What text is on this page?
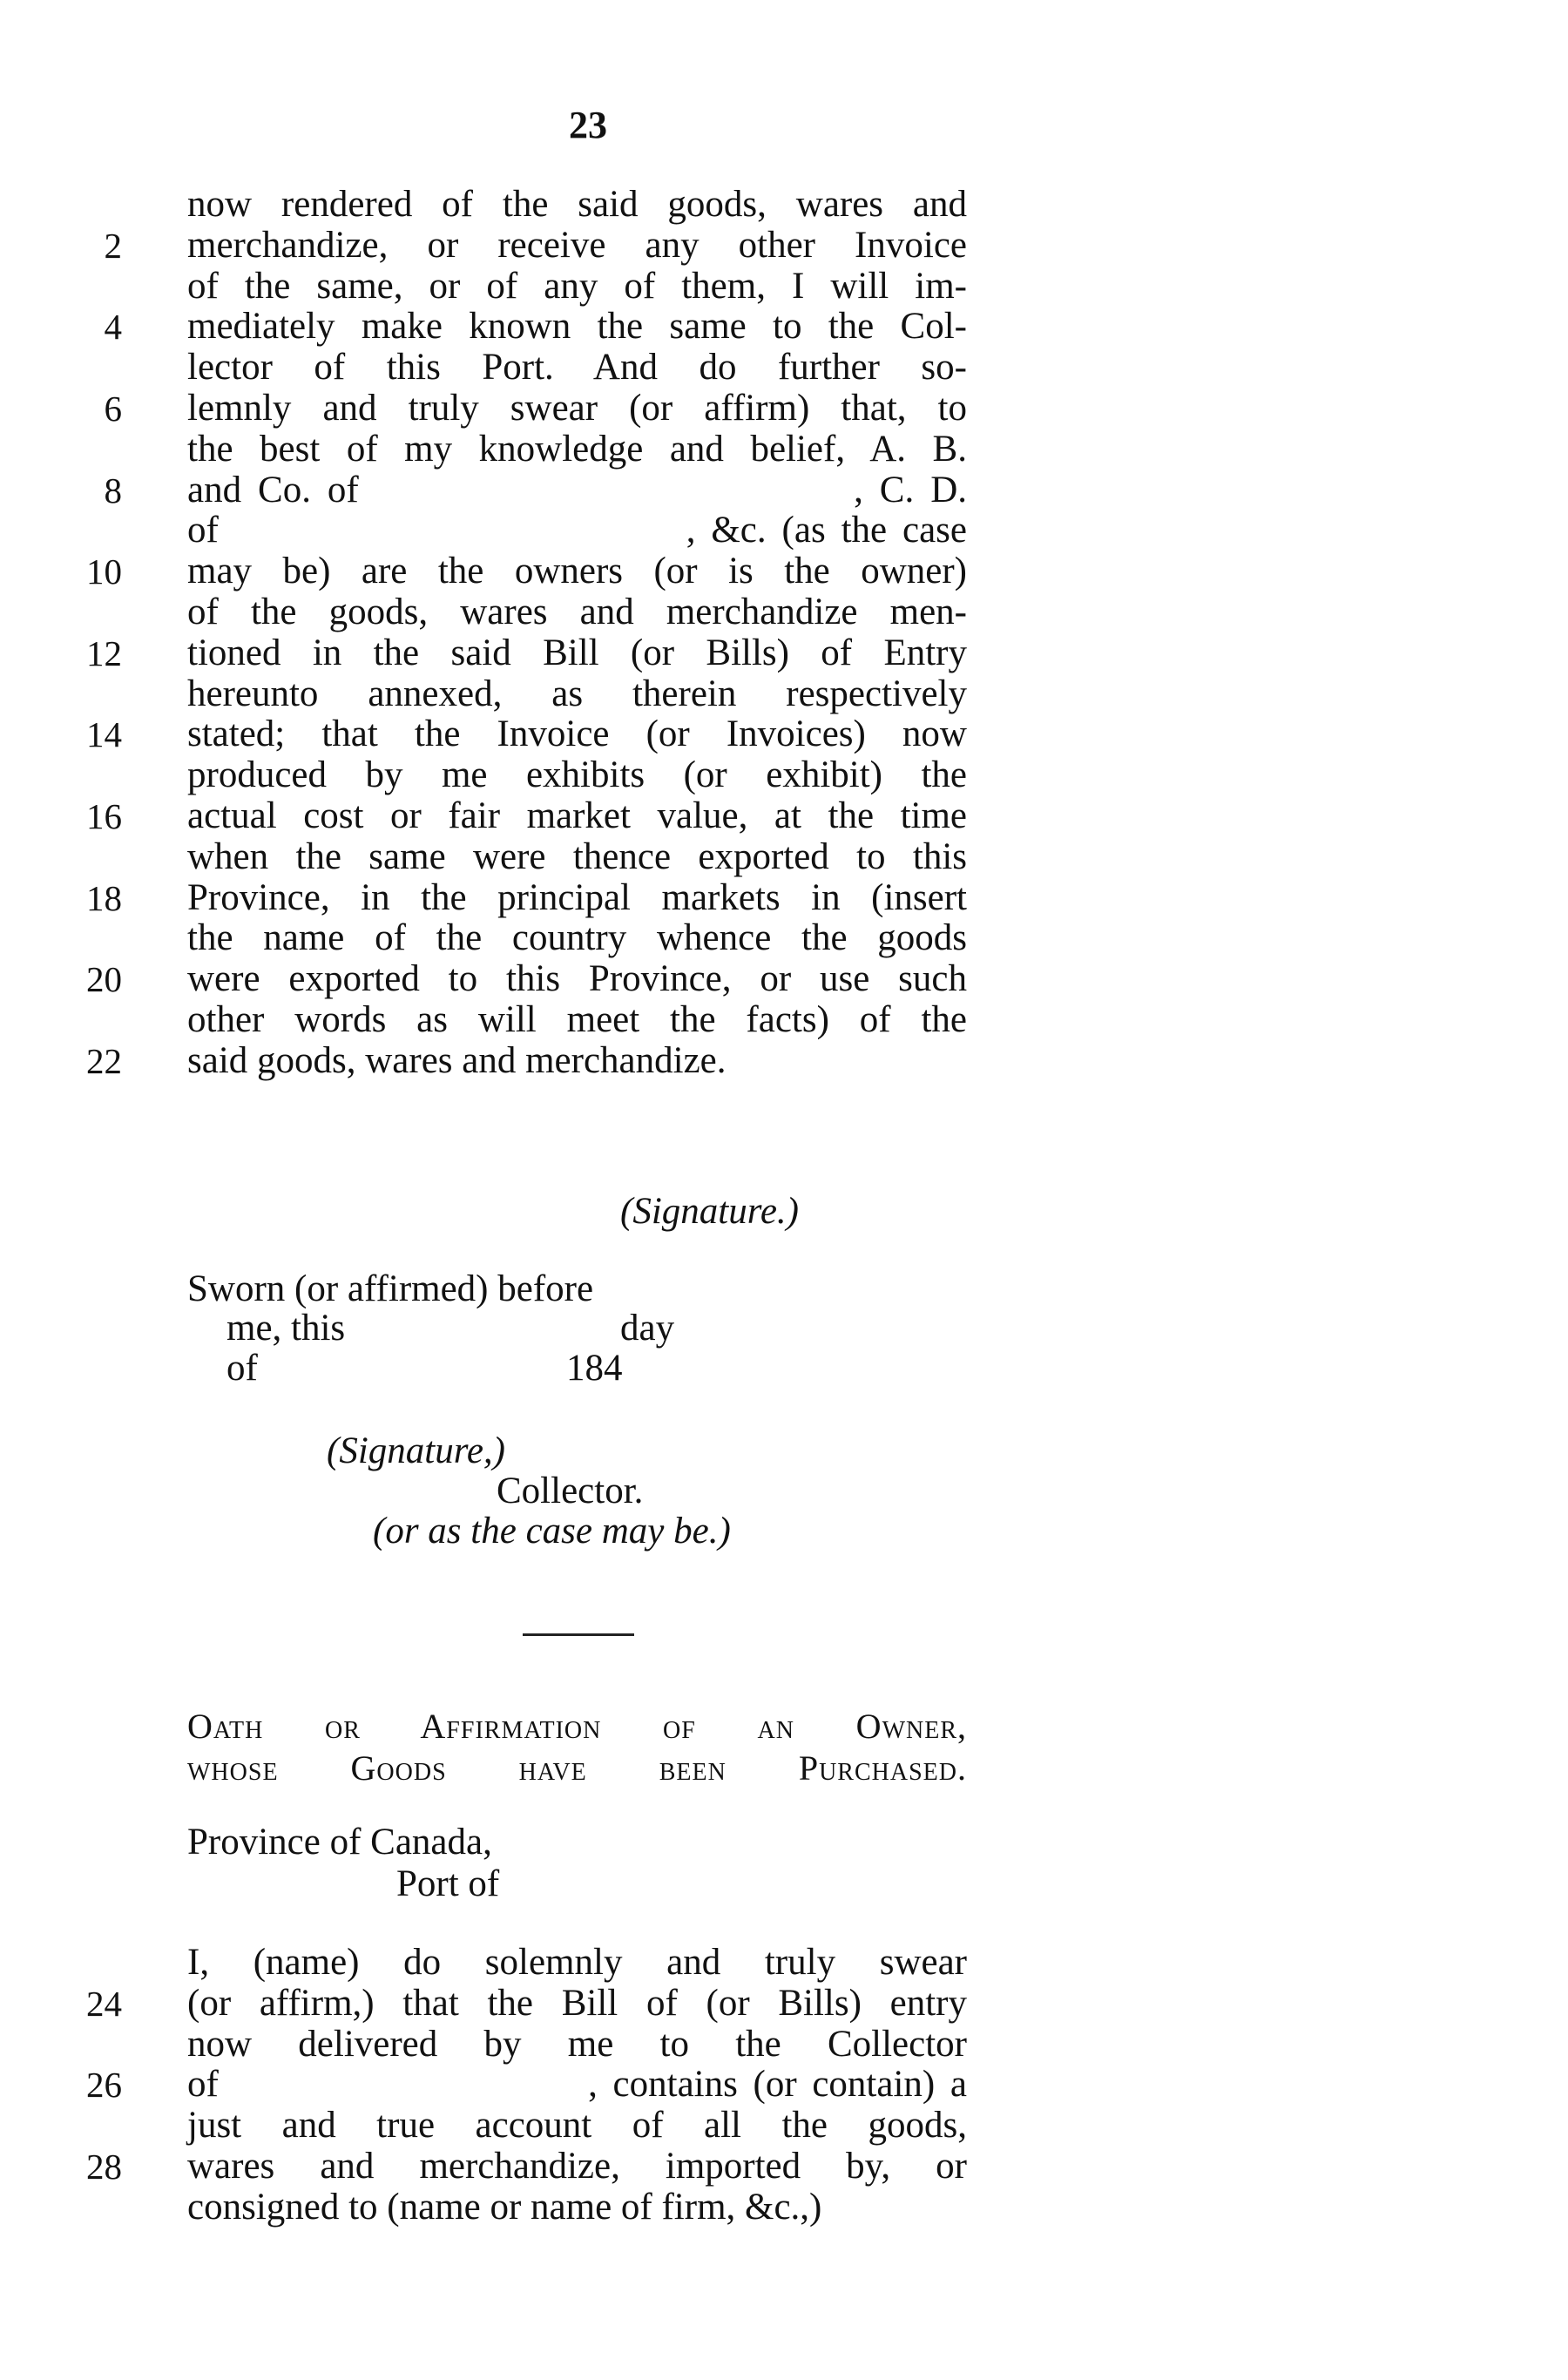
23
now rendered of the said goods, wares and
2 merchandize, or receive any other Invoice
of the same, or of any of them, I will im-
4 mediately make known the same to the Col-
lector of this Port. And do further so-
6 lemnly and truly swear (or affirm) that, to
the best of my knowledge and belief, A. B.
8 and Co. of                              , C. D.
of                              , &c. (as the case
10 may be) are the owners (or is the owner)
of the goods, wares and merchandize men-
12 tioned in the said Bill (or Bills) of Entry
hereunto annexed, as therein respectively
14 stated; that the Invoice (or Invoices) now
produced by me exhibits (or exhibit) the
16 actual cost or fair market value, at the time
when the same were thence exported to this
18 Province, in the principal markets in (insert
the name of the country whence the goods
20 were exported to this Province, or use such
other words as will meet the facts) of the
22 said goods, wares and merchandize.
(Signature.)
Sworn (or affirmed) before
me, this	day
of	184
(Signature,)
Collector.
(or as the case may be.)
Oath or Affirmation of an Owner,
whose Goods have been Purchased.
Province of Canada,
Port of
I, (name) do solemnly and truly swear
24 (or affirm,) that the Bill of (or Bills) entry
now delivered by me to the Collector
26 of                        , contains (or contain) a
just and true account of all the goods,
28 wares and merchandize, imported by, or
consigned to (name or name of firm, &c.,)
